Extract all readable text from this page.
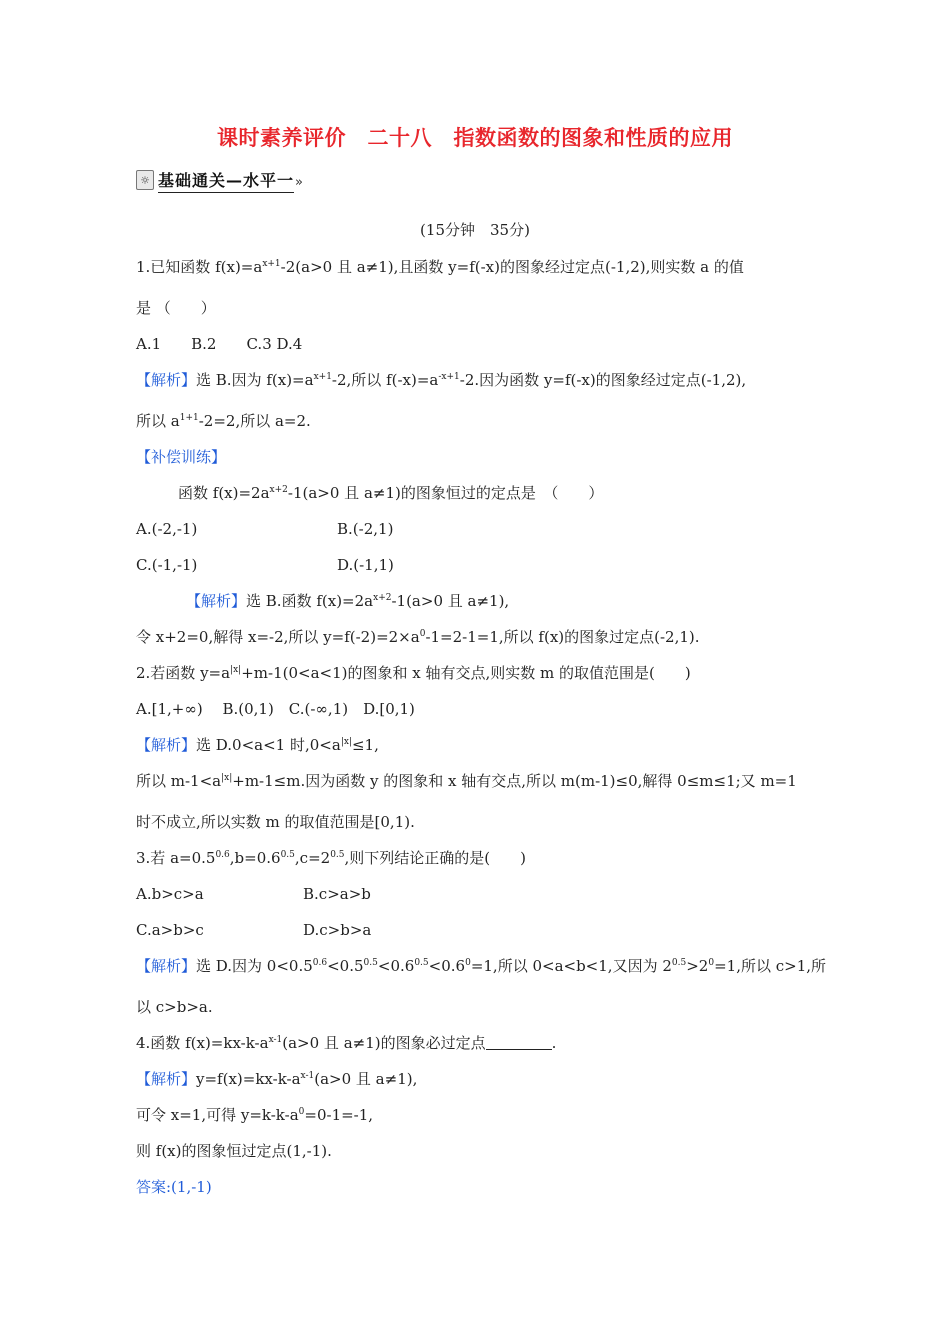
课时素养评价　二十八　指数函数的图象和性质的应用
☼ 基础通关—水平一 »
(15分钟　35分)
1.已知函数 $f(x)=a^{x+1}-2(a>0$ 且 a≠1),且函数 y=f(-x)的图象经过定点(-1,2),则实数 a 的值
是 （　　）
A.1　　B.2　　C.3 D.4
【解析】选 B.因为 $f(x)=a^{x+1}-2$,所以 $f(-x)=a^{-x+1}-2$.因为函数 y=f(-x)的图象经过定点(-1,2),
所以 $a^{1+1}-2=2$,所以 a=2.
【补偿训练】
函数 $f(x)=2a^{x+2}-1(a>0$ 且 a≠1)的图象恒过的定点是　（　　）
A.(-2,-1)	B.(-2,1)
C.(-1,-1)	D.(-1,1)
【解析】选 B.函数 $f(x)=2a^{x+2}-1(a>0$ 且 a≠1),
令 x+2=0,解得 x=-2,所以 $y=f(-2)=2\times a^0-1=2-1=1$,所以 f(x)的图象过定点(-2,1).
2.若函数 $y=a^{|x|}+m-1(0<a<1)$的图象和 x 轴有交点,则实数 m 的取值范围是(　　)
A.[1,+∞)　 B.(0,1)　C.(-∞,1)　D.[0,1)
【解析】选 D.0<a<1 时$,0<a^{|x|}\le 1$,
所以 $m-1<a^{|x|}+m-1\le m$.因为函数 y 的图象和 x 轴有交点,所以 m(m-1)≤0,解得 0≤m≤1;又 m=1
时不成立,所以实数 m 的取值范围是[0,1).
3.若 $a=0.5^{0.6},b=0.6^{0.5},c=2^{0.5}$,则下列结论正确的是(　　)
A.b>c>a	B.c>a>b
C.a>b>c	D.c>b>a
【解析】选 D.因为 $0<0.5^{0.6}<0.5^{0.5}<0.6^{0.5}<0.6^0=1$,所以 0<a<b<1,又因为 $2^{0.5}>2^0=1$,所以 c>1,所
以 c>b>a.
4.函数 $f(x)=kx-k-a^{x-1}(a>0$ 且 a≠1)的图象必过定点	.
【解析】$y=f(x)=kx-k-a^{x-1}(a>0$ 且 a≠1),
可令 x=1,可得 $y=k-k-a^0=0-1=-1$,
则 f(x)的图象恒过定点(1,-1).
答案:(1,-1)
